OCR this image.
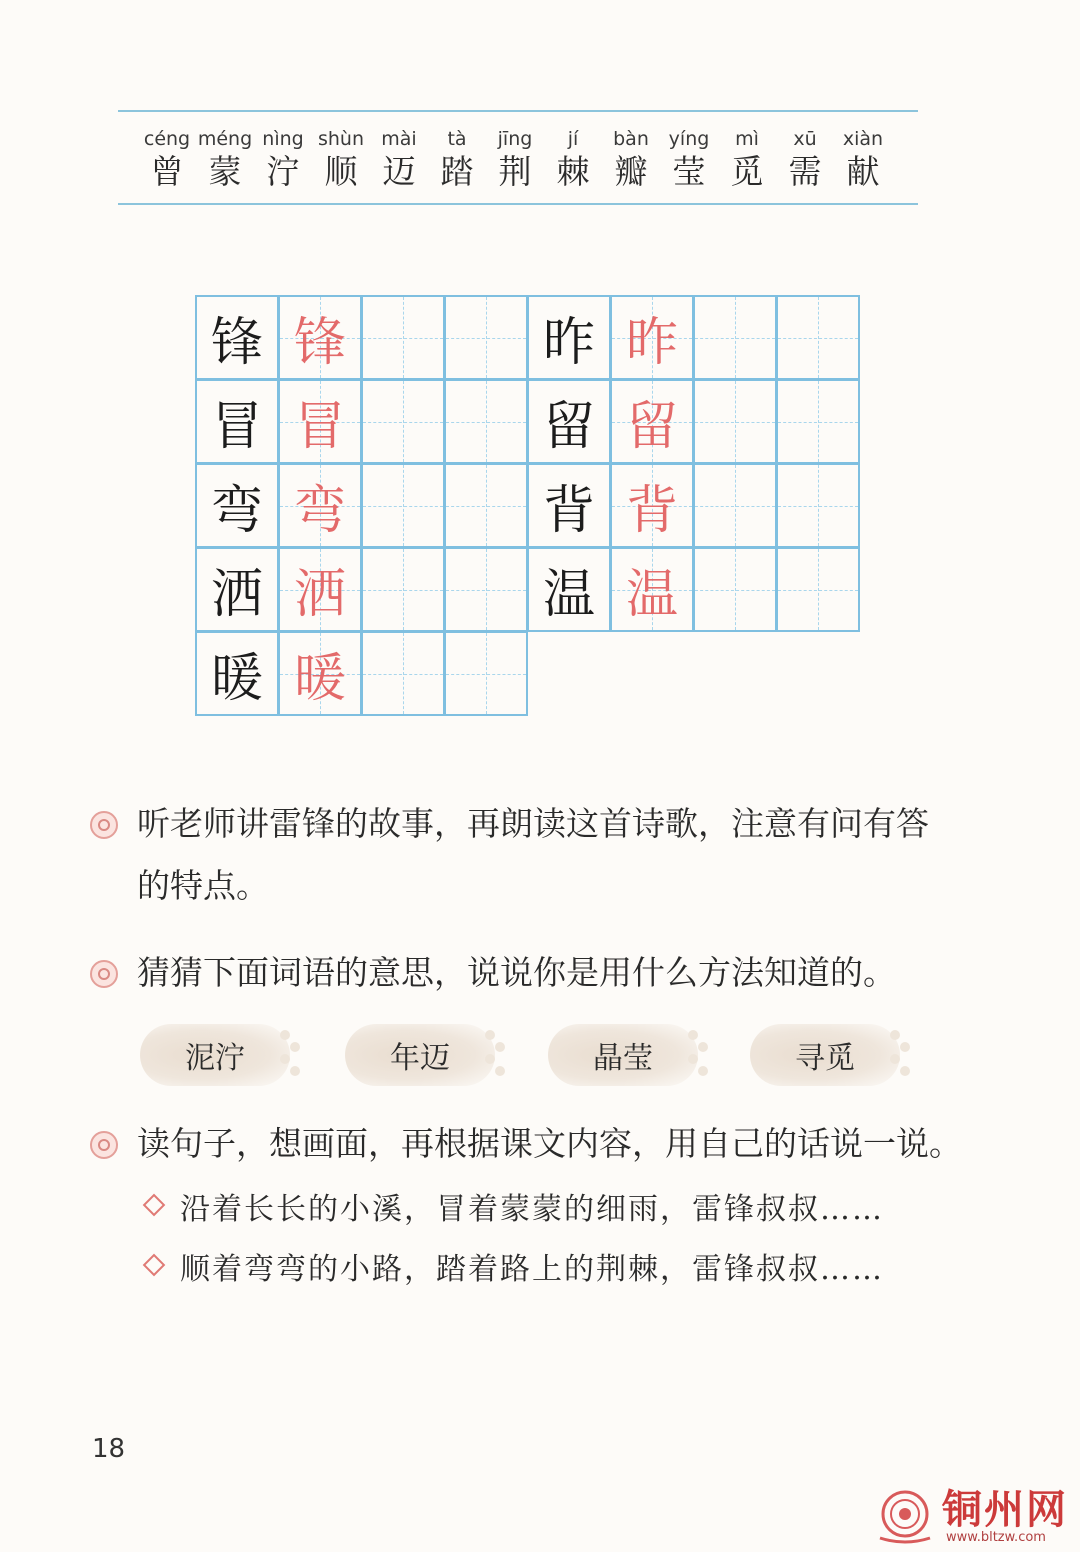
céng
曾
méng
蒙
nìng
泞
shùn
顺
mài
迈
tà
踏
jīng
荆
jí
棘
bàn
瓣
yíng
莹
mì
觅
xū
需
xiàn
献
锋 锋
冒 冒
弯 弯
洒 洒
暖 暖
昨 昨
留 留
背 背
温 温
听老师讲雷锋的故事，再朗读这首诗歌，注意有问有答
的特点。
猜猜下面词语的意思，说说你是用什么方法知道的。
泥泞	年迈	晶莹	寻觅
读句子，想画面，再根据课文内容，用自己的话说一说。
沿着长长的小溪，冒着蒙蒙的细雨，雷锋叔叔……
顺着弯弯的小路，踏着路上的荆棘，雷锋叔叔……
18
铜州网
www.bltzw.com
